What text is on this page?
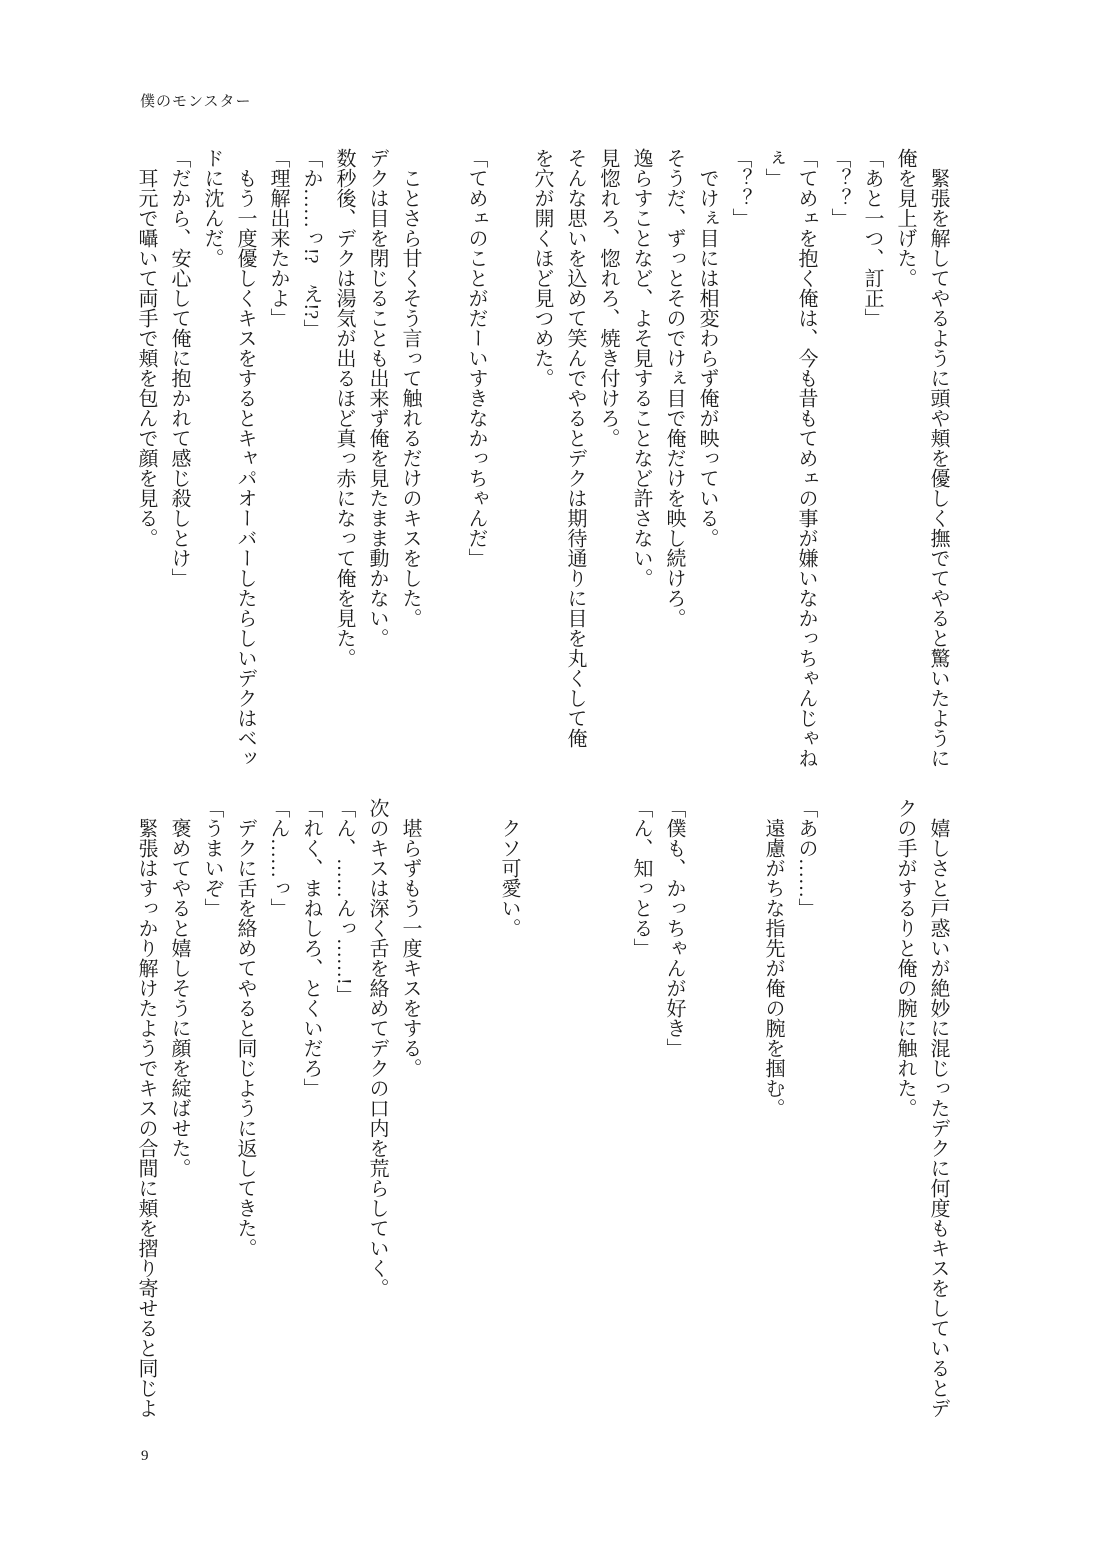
僕のモンスター

　緊張を解してやるように頭や頬を優しく撫でてやると驚いたように

俺を見上げた。

「あと一つ、訂正」

「？？」

「てめェを抱く俺は、今も昔もてめェの事が嫌いなかっちゃんじゃねぇ」

「？？」

　でけぇ目には相変わらず俺が映っている。

そうだ、ずっとそのでけぇ目で俺だけを映し続けろ。

逸らすことなど、よそ見することなど許さない。

見惚れろ、惚れろ、焼き付けろ。

そんな思いを込めて笑んでやるとデクは期待通りに目を丸くして俺

を穴が開くほど見つめた。

「てめェのことがだーいすきなかっちゃんだ」

　ことさら甘くそう言って触れるだけのキスをした。

デクは目を閉じることも出来ず俺を見たまま動かない。

数秒後、デクは湯気が出るほど真っ赤になって俺を見た。

「か……っ!?　え!?」

「理解出来たかよ」

　もう一度優しくキスをするとキャパオーバーしたらしいデクはベッ

ドに沈んだ。

「だから、安心して俺に抱かれて感じ殺しとけ」

　耳元で囁いて両手で頬を包んで顔を見る。

　嬉しさと戸惑いが絶妙に混じったデクに何度もキスをしているとデ

クの手がするりと俺の腕に触れた。

「あの……」

　遠慮がちな指先が俺の腕を掴む。

「僕も、かっちゃんが好き」

「ん、知っとる」

　クソ可愛い。

　堪らずもう一度キスをする。

次のキスは深く舌を絡めてデクの口内を荒らしていく。

「ん、……んっ……!」

「れく、まねしろ、とくいだろ」

「ん……っ」

　デクに舌を絡めてやると同じように返してきた。

「うまいぞ」

　褒めてやると嬉しそうに顔を綻ばせた。

　緊張はすっかり解けたようでキスの合間に頬を摺り寄せると同じよ

9
